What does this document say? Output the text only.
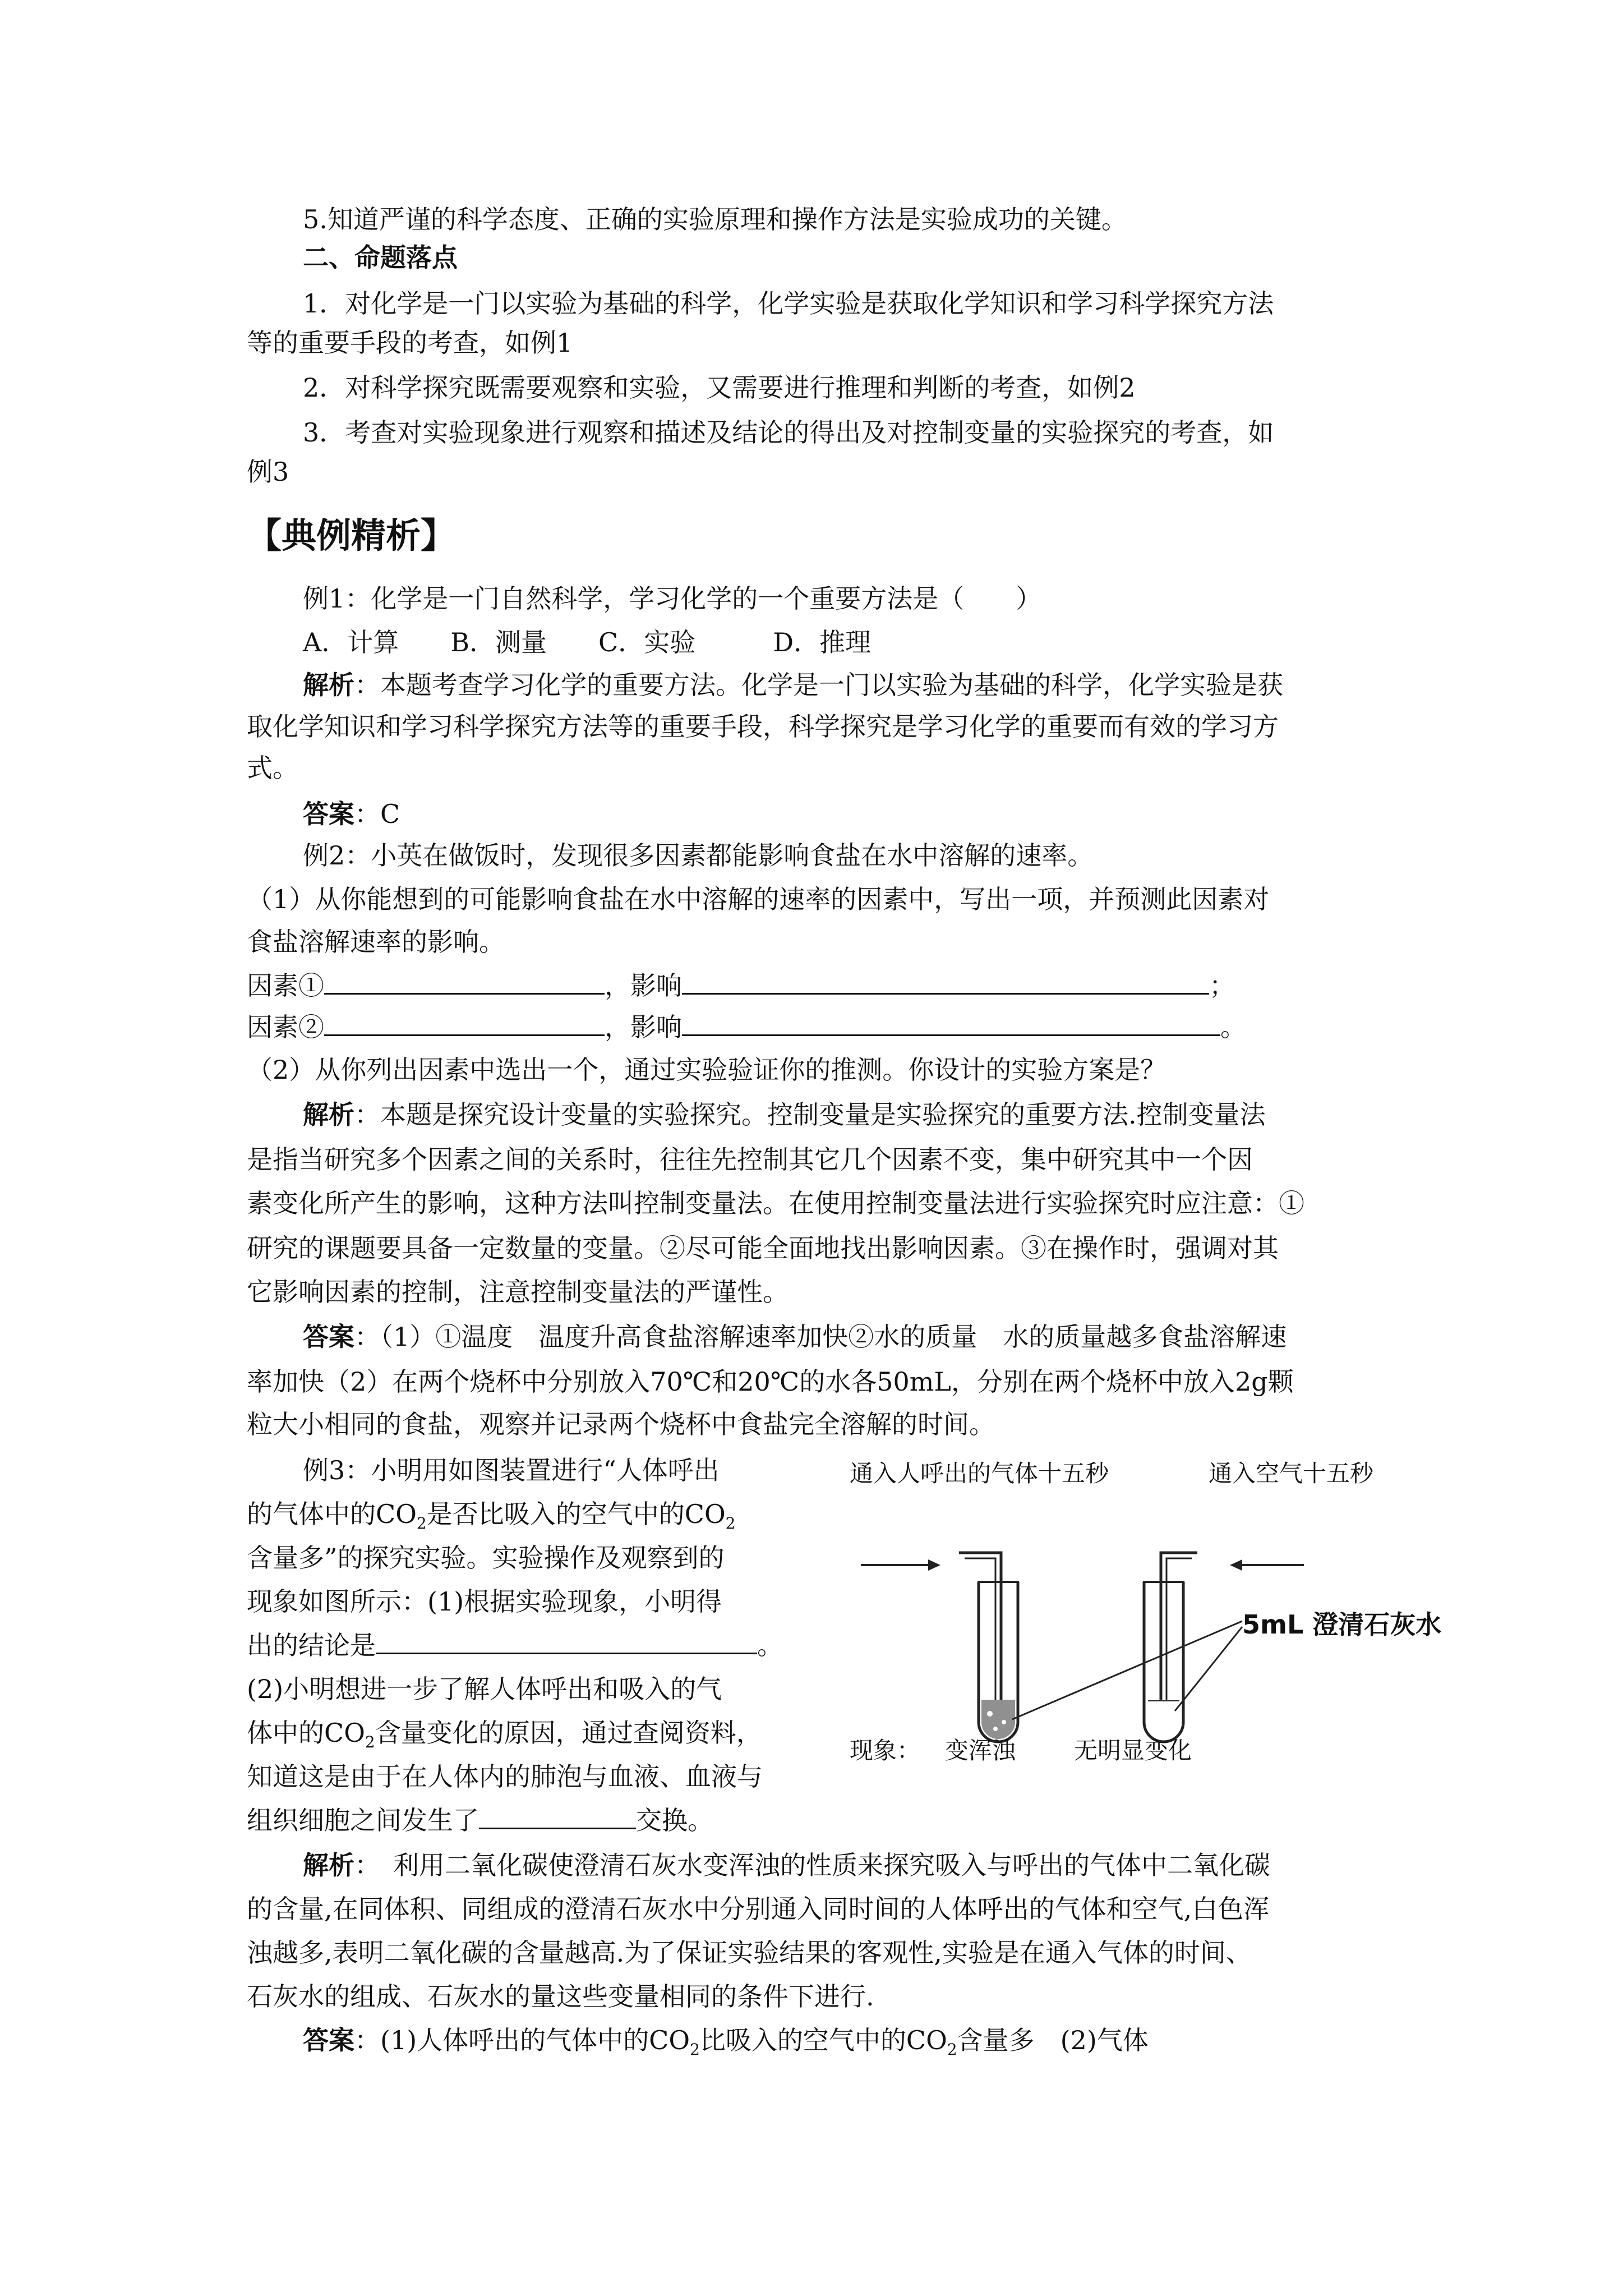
5.知道严谨的科学态度、正确的实验原理和操作方法是实验成功的关键。
二、命题落点
1．对化学是一门以实验为基础的科学，化学实验是获取化学知识和学习科学探究方法
等的重要手段的考查，如例1
2．对科学探究既需要观察和实验，又需要进行推理和判断的考查，如例2
3．考查对实验现象进行观察和描述及结论的得出及对控制变量的实验探究的考查，如
例3
【典例精析】
例1：化学是一门自然科学，学习化学的一个重要方法是（　　）
A．计算　　B．测量　　C．实验　　　D．推理
解析：本题考查学习化学的重要方法。化学是一门以实验为基础的科学，化学实验是获
取化学知识和学习科学探究方法等的重要手段，科学探究是学习化学的重要而有效的学习方
式。
答案：C
例2：小英在做饭时，发现很多因素都能影响食盐在水中溶解的速率。
（1）从你能想到的可能影响食盐在水中溶解的速率的因素中，写出一项，并预测此因素对
食盐溶解速率的影响。
因素①	，影响	；
因素②	，影响	。
（2）从你列出因素中选出一个，通过实验验证你的推测。你设计的实验方案是？
解析：本题是探究设计变量的实验探究。控制变量是实验探究的重要方法.控制变量法
是指当研究多个因素之间的关系时，往往先控制其它几个因素不变，集中研究其中一个因
素变化所产生的影响，这种方法叫控制变量法。在使用控制变量法进行实验探究时应注意：①
研究的课题要具备一定数量的变量。②尽可能全面地找出影响因素。③在操作时，强调对其
它影响因素的控制，注意控制变量法的严谨性。
答案：（1）①温度　温度升高食盐溶解速率加快②水的质量　水的质量越多食盐溶解速
率加快（2）在两个烧杯中分别放入70℃和20℃的水各50mL，分别在两个烧杯中放入2g颗
粒大小相同的食盐，观察并记录两个烧杯中食盐完全溶解的时间。
例3：小明用如图装置进行“人体呼出
的气体中的$CO_2$是否比吸入的空气中的$CO_2$
含量多”的探究实验。实验操作及观察到的
现象如图所示：(1)根据实验现象，小明得
出的结论是	。
(2)小明想进一步了解人体呼出和吸入的气
体中的$CO_2$含量变化的原因，通过查阅资料，
知道这是由于在人体内的肺泡与血液、血液与
组织细胞之间发生了	交换。
通入人呼出的气体十五秒	通入空气十五秒
5mL 澄清石灰水
现象： 变浑浊 无明显变化
解析：　利用二氧化碳使澄清石灰水变浑浊的性质来探究吸入与呼出的气体中二氧化碳
的含量,在同体积、同组成的澄清石灰水中分别通入同时间的人体呼出的气体和空气,白色浑
浊越多,表明二氧化碳的含量越高.为了保证实验结果的客观性,实验是在通入气体的时间、
石灰水的组成、石灰水的量这些变量相同的条件下进行.
答案：(1)人体呼出的气体中的$CO_2$比吸入的空气中的$CO_2$含量多　(2)气体
